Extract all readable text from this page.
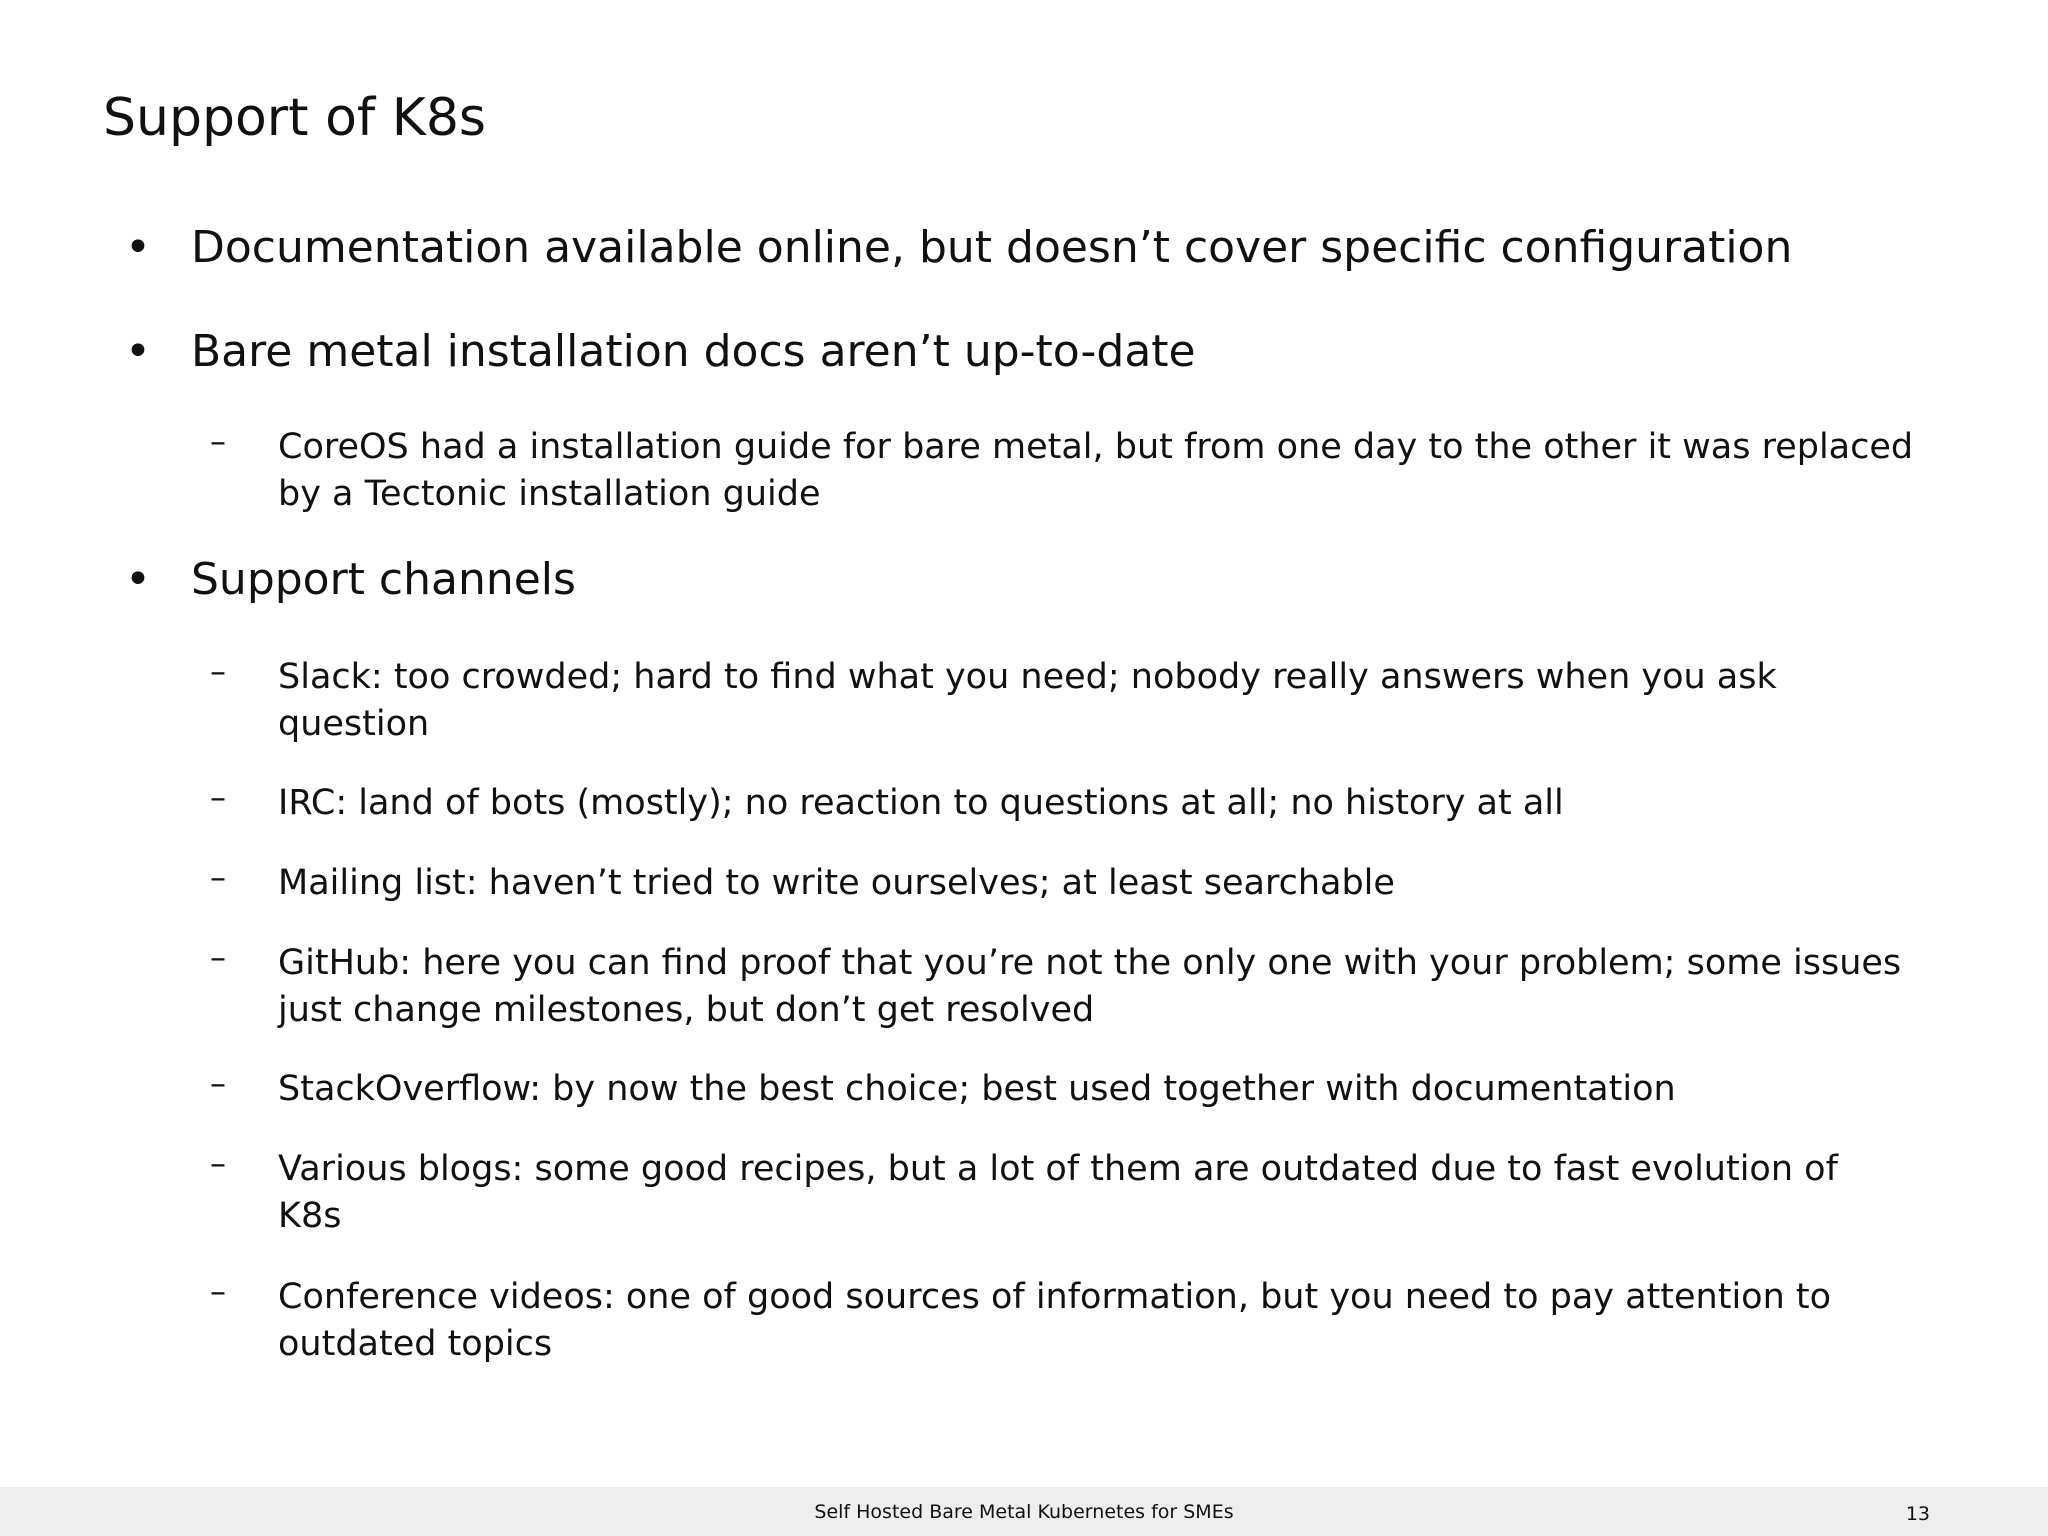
Support of K8s
• Documentation available online, but doesn’t cover specific configuration
• Bare metal installation docs aren’t up-to-date
– CoreOS had a installation guide for bare metal, but from one day to the other it was replaced
by a Tectonic installation guide
• Support channels
– Slack: too crowded; hard to find what you need; nobody really answers when you ask
question
– IRC: land of bots (mostly); no reaction to questions at all; no history at all
– Mailing list: haven’t tried to write ourselves; at least searchable
– GitHub: here you can find proof that you’re not the only one with your problem; some issues
just change milestones, but don’t get resolved
– StackOverflow: by now the best choice; best used together with documentation
– Various blogs: some good recipes, but a lot of them are outdated due to fast evolution of
K8s
– Conference videos: one of good sources of information, but you need to pay attention to
outdated topics
Self Hosted Bare Metal Kubernetes for SMEs	13
